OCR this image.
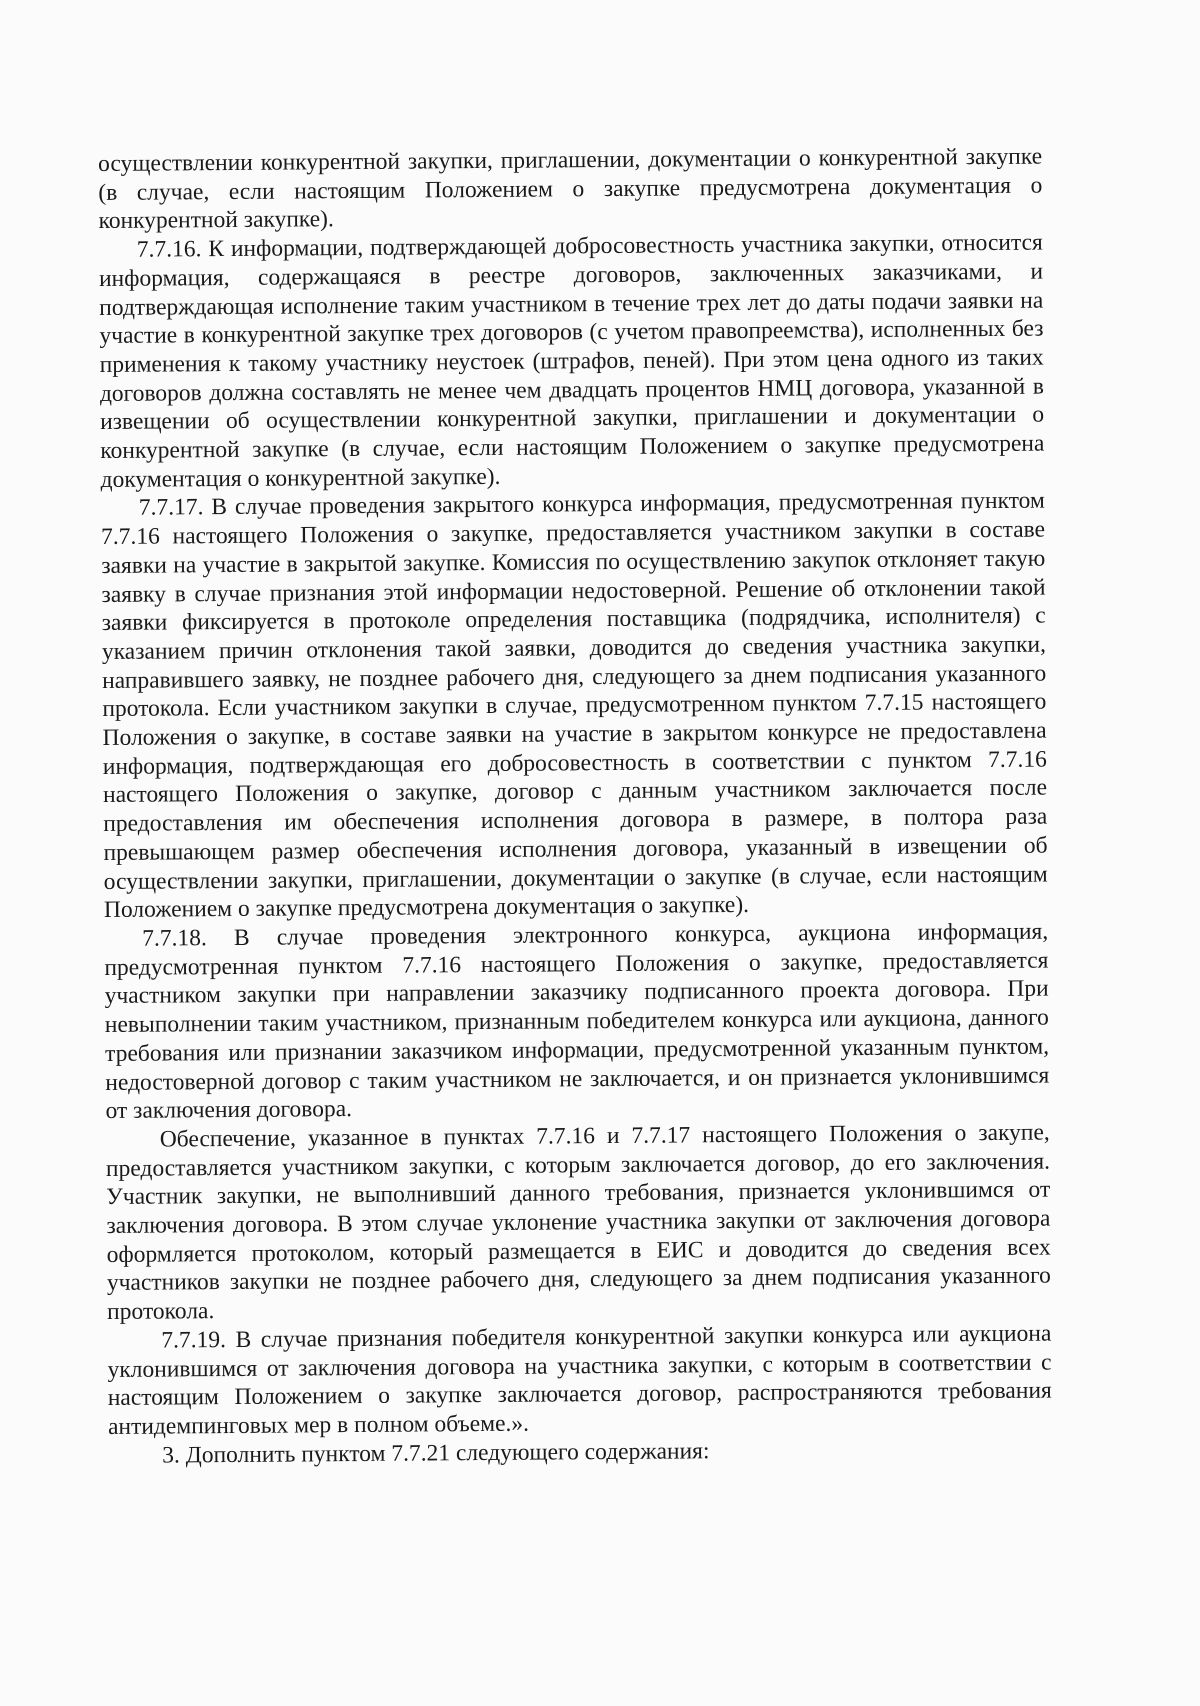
осуществлении конкурентной закупки, приглашении, документации о конкурентной закупке (в случае, если настоящим Положением о закупке предусмотрена документация о конкурентной закупке).

7.7.16. К информации, подтверждающей добросовестность участника закупки, относится информация, содержащаяся в реестре договоров, заключенных заказчиками, и подтверждающая исполнение таким участником в течение трех лет до даты подачи заявки на участие в конкурентной закупке трех договоров (с учетом правопреемства), исполненных без применения к такому участнику неустоек (штрафов, пеней). При этом цена одного из таких договоров должна составлять не менее чем двадцать процентов НМЦ договора, указанной в извещении об осуществлении конкурентной закупки, приглашении и документации о конкурентной закупке (в случае, если настоящим Положением о закупке предусмотрена документация о конкурентной закупке).

7.7.17. В случае проведения закрытого конкурса информация, предусмотренная пунктом 7.7.16 настоящего Положения о закупке, предоставляется участником закупки в составе заявки на участие в закрытой закупке. Комиссия по осуществлению закупок отклоняет такую заявку в случае признания этой информации недостоверной. Решение об отклонении такой заявки фиксируется в протоколе определения поставщика (подрядчика, исполнителя) с указанием причин отклонения такой заявки, доводится до сведения участника закупки, направившего заявку, не позднее рабочего дня, следующего за днем подписания указанного протокола. Если участником закупки в случае, предусмотренном пунктом 7.7.15 настоящего Положения о закупке, в составе заявки на участие в закрытом конкурсе не предоставлена информация, подтверждающая его добросовестность в соответствии с пунктом 7.7.16 настоящего Положения о закупке, договор с данным участником заключается после предоставления им обеспечения исполнения договора в размере, в полтора раза превышающем размер обеспечения исполнения договора, указанный в извещении об осуществлении закупки, приглашении, документации о закупке (в случае, если настоящим Положением о закупке предусмотрена документация о закупке).

7.7.18. В случае проведения электронного конкурса, аукциона информация, предусмотренная пунктом 7.7.16 настоящего Положения о закупке, предоставляется участником закупки при направлении заказчику подписанного проекта договора. При невыполнении таким участником, признанным победителем конкурса или аукциона, данного требования или признании заказчиком информации, предусмотренной указанным пунктом, недостоверной договор с таким участником не заключается, и он признается уклонившимся от заключения договора.

Обеспечение, указанное в пунктах 7.7.16 и 7.7.17 настоящего Положения о закупе, предоставляется участником закупки, с которым заключается договор, до его заключения. Участник закупки, не выполнивший данного требования, признается уклонившимся от заключения договора. В этом случае уклонение участника закупки от заключения договора оформляется протоколом, который размещается в ЕИС и доводится до сведения всех участников закупки не позднее рабочего дня, следующего за днем подписания указанного протокола.

7.7.19. В случае признания победителя конкурентной закупки конкурса или аукциона уклонившимся от заключения договора на участника закупки, с которым в соответствии с настоящим Положением о закупке заключается договор, распространяются требования антидемпинговых мер в полном объеме.».

3. Дополнить пунктом 7.7.21 следующего содержания:
